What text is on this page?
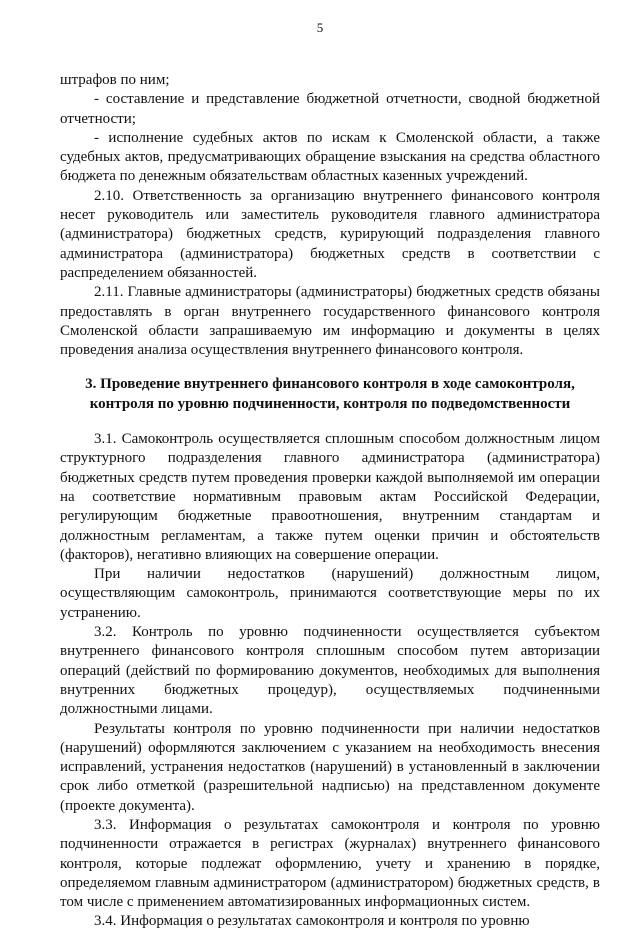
5

штрафов по ним;

- составление и представление бюджетной отчетности, сводной бюджетной отчетности;

- исполнение судебных актов по искам к Смоленской области, а также судебных актов, предусматривающих обращение взыскания на средства областного бюджета по денежным обязательствам областных казенных учреждений.

2.10. Ответственность за организацию внутреннего финансового контроля несет руководитель или заместитель руководителя главного администратора (администратора) бюджетных средств, курирующий подразделения главного администратора (администратора) бюджетных средств в соответствии с распределением обязанностей.

2.11. Главные администраторы (администраторы) бюджетных средств обязаны предоставлять в орган внутреннего государственного финансового контроля Смоленской области запрашиваемую им информацию и документы в целях проведения анализа осуществления внутреннего финансового контроля.

3. Проведение внутреннего финансового контроля в ходе самоконтроля, контроля по уровню подчиненности, контроля по подведомственности

3.1. Самоконтроль осуществляется сплошным способом должностным лицом структурного подразделения главного администратора (администратора) бюджетных средств путем проведения проверки каждой выполняемой им операции на соответствие нормативным правовым актам Российской Федерации, регулирующим бюджетные правоотношения, внутренним стандартам и должностным регламентам, а также путем оценки причин и обстоятельств (факторов), негативно влияющих на совершение операции.

При наличии недостатков (нарушений) должностным лицом, осуществляющим самоконтроль, принимаются соответствующие меры по их устранению.

3.2. Контроль по уровню подчиненности осуществляется субъектом внутреннего финансового контроля сплошным способом путем авторизации операций (действий по формированию документов, необходимых для выполнения внутренних бюджетных процедур), осуществляемых подчиненными должностными лицами.

Результаты контроля по уровню подчиненности при наличии недостатков (нарушений) оформляются заключением с указанием на необходимость внесения исправлений, устранения недостатков (нарушений) в установленный в заключении срок либо отметкой (разрешительной надписью) на представленном документе (проекте документа).

3.3. Информация о результатах самоконтроля и контроля по уровню подчиненности отражается в регистрах (журналах) внутреннего финансового контроля, которые подлежат оформлению, учету и хранению в порядке, определяемом главным администратором (администратором) бюджетных средств, в том числе с применением автоматизированных информационных систем.

3.4. Информация о результатах самоконтроля и контроля по уровню
